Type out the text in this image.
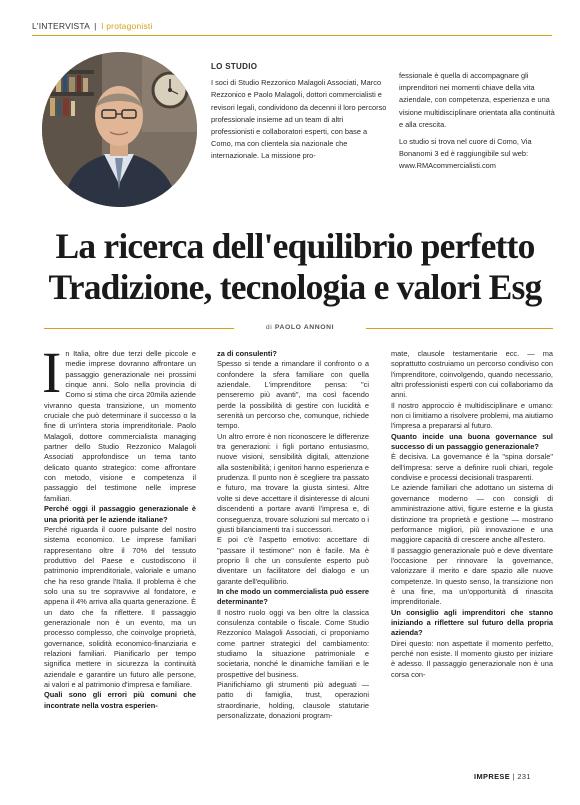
L'INTERVISTA | I protagonisti
LO STUDIO

I soci di Studio Rezzonico Malagoli Associati, Marco Rezzonico e Paolo Malagoli, dottori commercialisti e revisori legali, condividono da decenni il loro percorso professionale insieme ad un team di altri professionisti e collaboratori esperti, con base a Como, ma con clientela sia nazionale che internazionale. La missione pro-

fessionale è quella di accompagnare gli imprenditori nei momenti chiave della vita aziendale, con competenza, esperienza e una visione multidisciplinare orientata alla continuità e alla crescita.

Lo studio si trova nel cuore di Como, Via Bonanomi 3 ed è raggiungibile sul web: www.RMAcommercialisti.com

La ricerca dell'equilibrio perfetto
Tradizione, tecnologia e valori Esg
di PAOLO ANNONI

In Italia, oltre due terzi delle piccole e medie imprese dovranno affrontare un passaggio generazionale nei prossimi cinque anni. Solo nella provincia di Como si stima che circa 20mila aziende vivranno questa transizione, un momento cruciale che può determinare il successo o la fine di un'intera storia imprenditoriale. Paolo Malagoli, dottore commercialista managing partner dello Studio Rezzonico Malagoli Associati approfondisce un tema tanto delicato quanto strategico: come affrontare con metodo, visione e competenza il passaggio del testimone nelle imprese familiari.

Perché oggi il passaggio generazionale è una priorità per le aziende italiane?

Perché riguarda il cuore pulsante del nostro sistema economico. Le imprese familiari rappresentano oltre il 70% del tessuto produttivo del Paese e custodiscono il patrimonio imprenditoriale, valoriale e umano che ha reso grande l'Italia. Il problema è che solo una su tre sopravvive al fondatore, e appena il 4% arriva alla quarta generazione. È un dato che fa riflettere. Il passaggio generazionale non è un evento, ma un processo complesso, che coinvolge proprietà, governance, solidità economico-finanziaria e relazioni familiari. Pianificarlo per tempo significa mettere in sicurezza la continuità aziendale e garantire un futuro alle persone, ai valori e al patrimonio d'impresa e familiare.

Quali sono gli errori più comuni che incontrate nella vostra esperien-

za di consulenti?

Spesso si tende a rimandare il confronto o a confondere la sfera familiare con quella aziendale. L'imprenditore pensa: "ci penseremo più avanti", ma così facendo perde la possibilità di gestire con lucidità e serenità un percorso che, comunque, richiede tempo.

Un altro errore è non riconoscere le differenze tra generazioni: i figli portano entusiasmo, nuove visioni, sensibilità digitali, attenzione alla sostenibilità; i genitori hanno esperienza e prudenza. Il punto non è scegliere tra passato e futuro, ma trovare la giusta sintesi. Altre volte si deve accettare il disinteresse di alcuni discendenti a portare avanti l'impresa e, di conseguenza, trovare soluzioni sul mercato o i giusti bilanciamenti tra i successori.

E poi c'è l'aspetto emotivo: accettare di "passare il testimone" non è facile. Ma è proprio lì che un consulente esperto può diventare un facilitatore del dialogo e un garante dell'equilibrio.

In che modo un commercialista può essere determinante?

Il nostro ruolo oggi va ben oltre la classica consulenza contabile o fiscale. Come Studio Rezzonico Malagoli Associati, ci proponiamo come partner strategici del cambiamento: studiamo la situazione patrimoniale e societaria, nonché le dinamiche familiari e le prospettive del business.

Pianifichiamo gli strumenti più adeguati — patto di famiglia, trust, operazioni straordinarie, holding, clausole statutarie personalizzate, donazioni program-

mate, clausole testamentarie ecc. — ma soprattutto costruiamo un percorso condiviso con l'imprenditore, coinvolgendo, quando necessario, altri professionisti esperti con cui collaboriamo da anni.

Il nostro approccio è multidisciplinare e umano: non ci limitiamo a risolvere problemi, ma aiutiamo l'impresa a prepararsi al futuro.

Quanto incide una buona governance sul successo di un passaggio generazionale?

È decisiva. La governance è la "spina dorsale" dell'impresa: serve a definire ruoli chiari, regole condivise e processi decisionali trasparenti.

Le aziende familiari che adottano un sistema di governance moderno — con consigli di amministrazione attivi, figure esterne e la giusta distinzione tra proprietà e gestione — mostrano performance migliori, più innovazione e una maggiore capacità di crescere anche all'estero.

Il passaggio generazionale può e deve diventare l'occasione per rinnovare la governance, valorizzare il merito e dare spazio alle nuove competenze. In questo senso, la transizione non è una fine, ma un'opportunità di rinascita imprenditoriale.

Un consiglio agli imprenditori che stanno iniziando a riflettere sul futuro della propria azienda?

Direi questo: non aspettate il momento perfetto, perché non esiste. Il momento giusto per iniziare è adesso. Il passaggio generazionale non è una corsa con-

IMPRESE | 231
